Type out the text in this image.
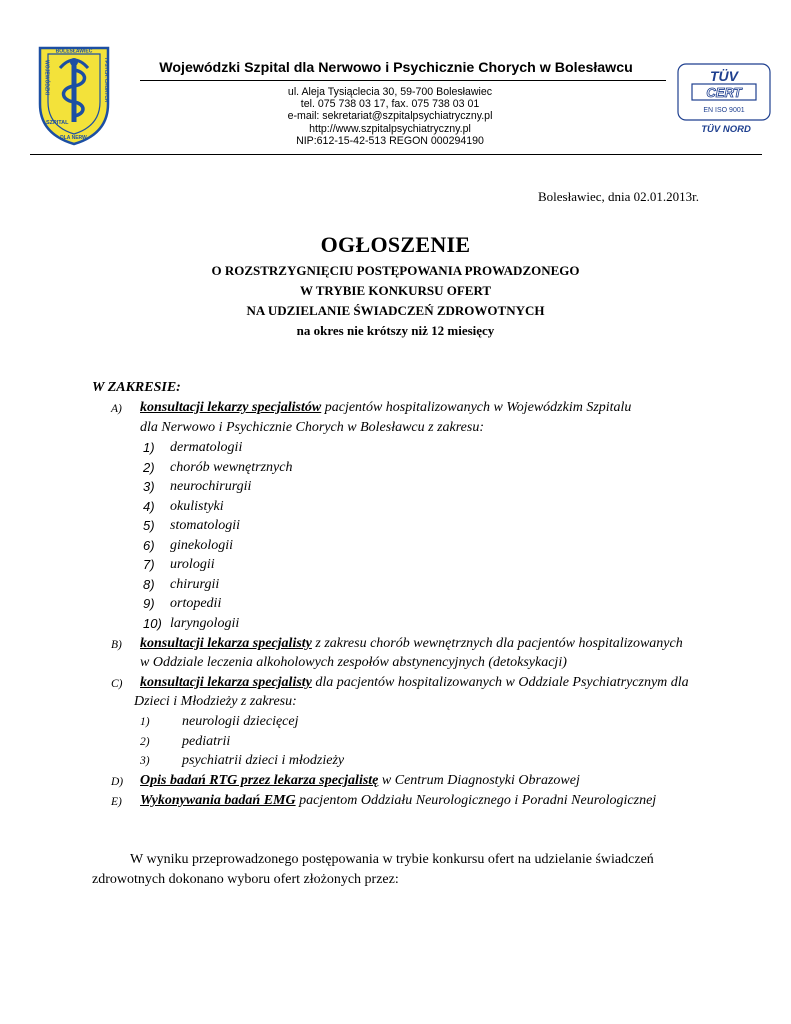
BOLESŁAWIEC
WOJEWÓDZKI	I PSYCH. CHORYCH
SZPITAL
DLA NERW.
Wojewódzki Szpital dla Nerwowo i Psychicznie Chorych w Bolesławcu
ul. Aleja Tysiąclecia 30, 59-700 Bolesławiec
tel. 075 738 03 17, fax. 075 738 03 01
e-mail: sekretariat@szpitalpsychiatryczny.pl
http://www.szpitalpsychiatryczny.pl
NIP:612-15-42-513 REGON 000294190
TÜV
CERT
EN ISO 9001
TÜV NORD
Bolesławiec, dnia 02.01.2013r.
OGŁOSZENIE
O ROZSTRZYGNIĘCIU POSTĘPOWANIA PROWADZONEGO
W TRYBIE KONKURSU OFERT
NA UDZIELANIE ŚWIADCZEŃ ZDROWOTNYCH
na okres nie krótszy niż 12 miesięcy
W ZAKRESIE:
A) konsultacji lekarzy specjalistów pacjentów hospitalizowanych w Wojewódzkim Szpitalu
dla Nerwowo i Psychicznie Chorych w Bolesławcu z zakresu:
1) dermatologii
2) chorób wewnętrznych
3) neurochirurgii
4) okulistyki
5) stomatologii
6) ginekologii
7) urologii
8) chirurgii
9) ortopedii
10) laryngologii
B) konsultacji lekarza specjalisty z zakresu chorób wewnętrznych dla pacjentów hospitalizowanych
w Oddziale leczenia alkoholowych zespołów abstynencyjnych (detoksykacji)
C) konsultacji lekarza specjalisty dla pacjentów hospitalizowanych w Oddziale Psychiatrycznym dla
Dzieci i Młodzieży z zakresu:
1) neurologii dziecięcej
2) pediatrii
3) psychiatrii dzieci i młodzieży
D) Opis badań RTG przez lekarza specjalistę w Centrum Diagnostyki Obrazowej
E) Wykonywania badań EMG pacjentom Oddziału Neurologicznego i Poradni Neurologicznej
W wyniku przeprowadzonego postępowania w trybie konkursu ofert na udzielanie świadczeń
zdrowotnych dokonano wyboru ofert złożonych przez:
